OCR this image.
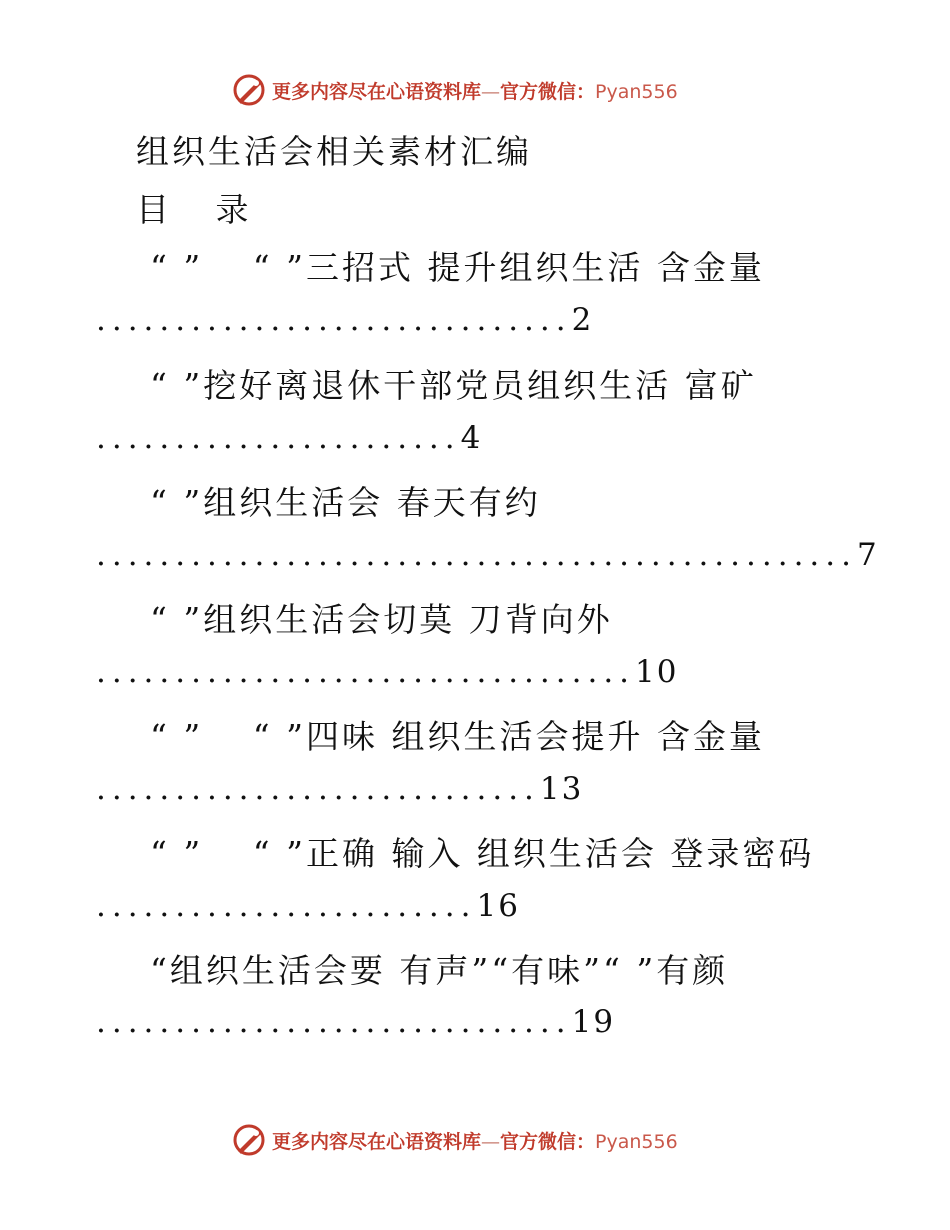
更多内容尽在心语资料库—官方微信：Pyan556
组织生活会相关素材汇编
目 录
“ ”　 “ ”三招式 提升组织生活 含金量
..............................2
“ ”挖好离退休干部党员组织生活 富矿
.......................4
“ ”组织生活会 春天有约
................................................7
“ ”组织生活会切莫 刀背向外
..................................10
“ ”　 “ ”四味 组织生活会提升 含金量
............................13
“ ”　 “ ”正确 输入 组织生活会 登录密码
........................16
“组织生活会要 有声”“有味”“ ”有颜
..............................19
更多内容尽在心语资料库—官方微信：Pyan556
